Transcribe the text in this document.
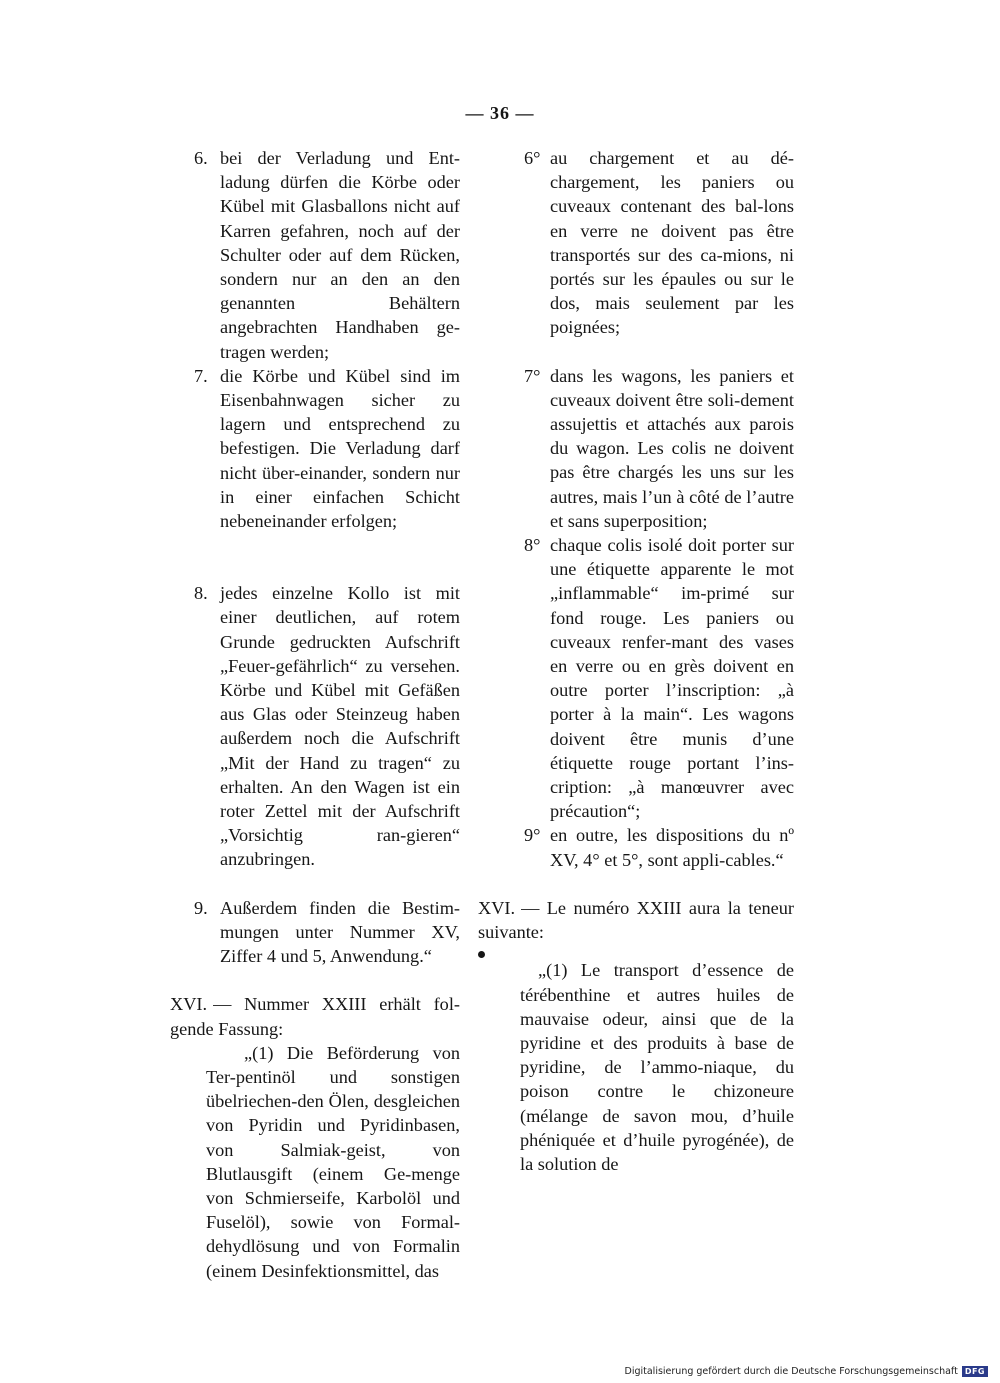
— 36 —
6. bei der Verladung und Ent-ladung dürfen die Körbe oder Kübel mit Glasballons nicht auf Karren gefahren, noch auf der Schulter oder auf dem Rücken, sondern nur an den an den genannten Behältern angebrachten Handhaben ge-tragen werden;
7. die Körbe und Kübel sind im Eisenbahnwagen sicher zu lagern und entsprechend zu befestigen. Die Verladung darf nicht über-einander, sondern nur in einer einfachen Schicht nebeneinander erfolgen;
8. jedes einzelne Kollo ist mit einer deutlichen, auf rotem Grunde gedruckten Aufschrift „Feuer-gefährlich“ zu versehen. Körbe und Kübel mit Gefäßen aus Glas oder Steinzeug haben außerdem noch die Aufschrift „Mit der Hand zu tragen“ zu erhalten. An den Wagen ist ein roter Zettel mit der Aufschrift „Vorsichtig ran-gieren“ anzubringen.
9. Außerdem finden die Bestim-mungen unter Nummer XV, Ziffer 4 und 5, Anwendung.“
XVI. — Nummer XXIII erhält fol-gende Fassung:
„(1) Die Beförderung von Ter-pentinöl und sonstigen übelriechen-den Ölen, desgleichen von Pyridin und Pyridinbasen, von Salmiak-geist, von Blutlausgift (einem Ge-menge von Schmierseife, Karbolöl und Fuselöl), sowie von Formal-dehydlösung und von Formalin (einem Desinfektionsmittel, das
6° au chargement et au dé-chargement, les paniers ou cuveaux contenant des bal-lons en verre ne doivent pas être transportés sur des ca-mions, ni portés sur les épaules ou sur le dos, mais seulement par les poignées;
7° dans les wagons, les paniers et cuveaux doivent être soli-dement assujettis et attachés aux parois du wagon. Les colis ne doivent pas être chargés les uns sur les autres, mais l’un à côté de l’autre et sans superposition;
8° chaque colis isolé doit porter sur une étiquette apparente le mot „inflammable“ im-primé sur fond rouge. Les paniers ou cuveaux renfer-mant des vases en verre ou en grès doivent en outre porter l’inscription: „à porter à la main“. Les wagons doivent être munis d’une étiquette rouge portant l’ins-cription: „à manœuvrer avec précaution“;
9° en outre, les dispositions du nº XV, 4° et 5°, sont appli-cables.“
XVI. — Le numéro XXIII aura la teneur suivante:
„(1) Le transport d’essence de térébenthine et autres huiles de mauvaise odeur, ainsi que de la pyridine et des produits à base de pyridine, de l’ammo-niaque, du poison contre le chizoneure (mélange de savon mou, d’huile phéniquée et d’huile pyrogénée), de la solution de
Digitalisierung gefördert durch die Deutsche Forschungsgemeinschaft DFG
